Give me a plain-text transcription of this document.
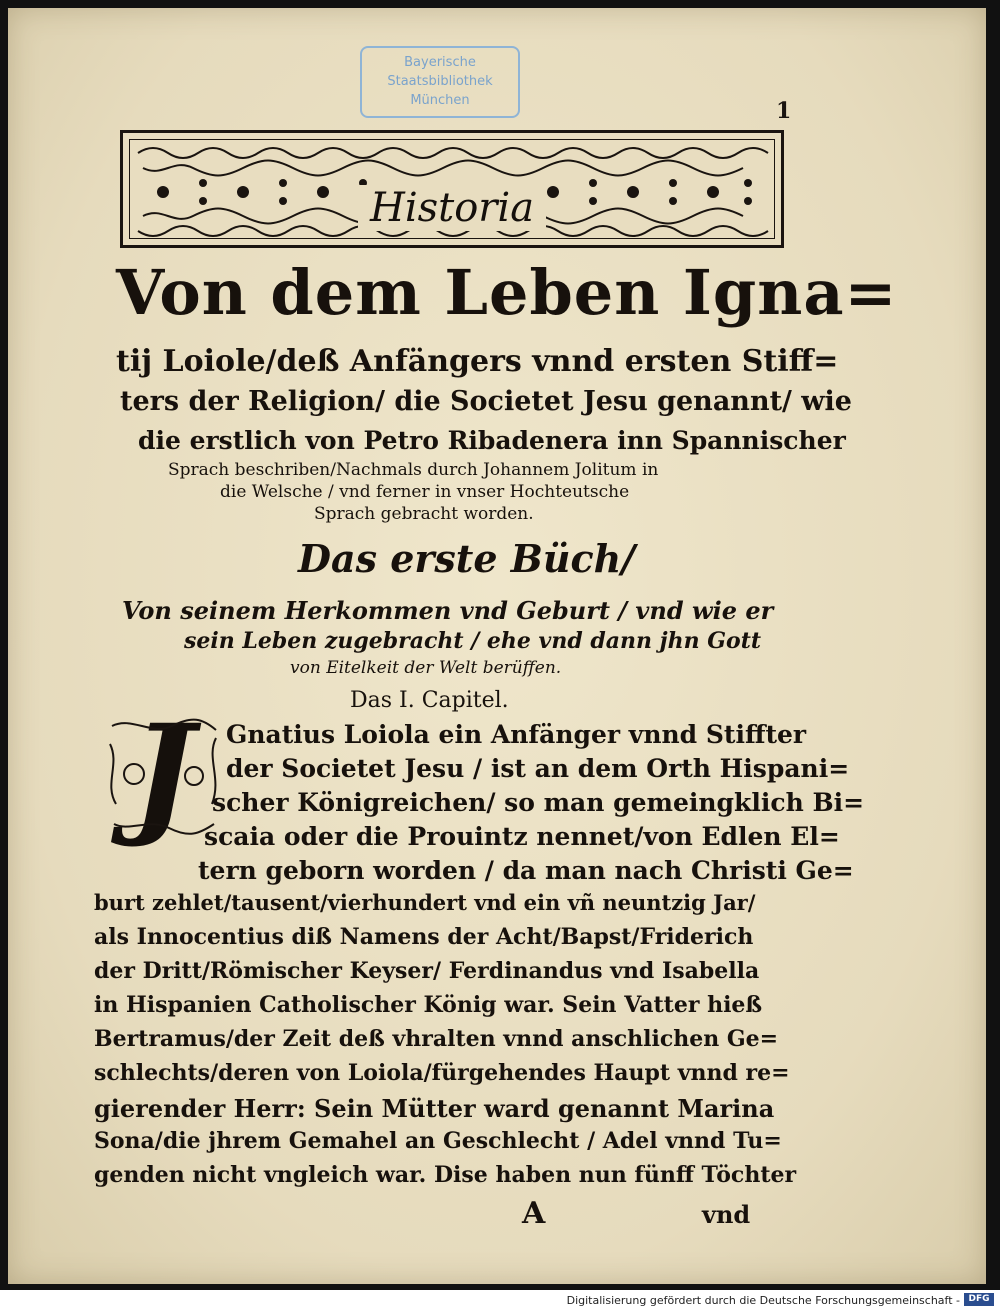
Bayerische
Staatsbibliothek
München	1
Historia
Von dem Leben Igna=
tij Loiole/deß Anfängers vnnd ersten Stiff=
ters der Religion/ die Societet Jesu genannt/ wie
die erstlich von Petro Ribadenera inn Spannischer
Sprach beschriben/Nachmals durch Johannem Jolitum in
die Welsche / vnd ferner in vnser Hochteutsche
Sprach gebracht worden.
Das erste Büch/
Von seinem Herkommen vnd Geburt / vnd wie er
sein Leben zugebracht / ehe vnd dann jhn Gott
von Eitelkeit der Welt berüffen.
Das I. Capitel.
J	Gnatius Loiola ein Anfänger vnnd Stiffter
der Societet Jesu / ist an dem Orth Hispani=
scher Königreichen/ so man gemeingklich Bi=
scaia oder die Prouintz nennet/von Edlen El=
tern geborn worden / da man nach Christi Ge=
burt zehlet/tausent/vierhundert vnd ein vñ neuntzig Jar/
als Innocentius diß Namens der Acht/Bapst/Friderich
der Dritt/Römischer Keyser/ Ferdinandus vnd Isabella
in Hispanien Catholischer König war. Sein Vatter hieß
Bertramus/der Zeit deß vhralten vnnd anschlichen Ge=
schlechts/deren von Loiola/fürgehendes Haupt vnnd re=
gierender Herr: Sein Mütter ward genannt Marina
Sona/die jhrem Gemahel an Geschlecht / Adel vnnd Tu=
genden nicht vngleich war. Dise haben nun fünff Töchter
A	vnd
Digitalisierung gefördert durch die Deutsche Forschungsgemeinschaft - DFG
